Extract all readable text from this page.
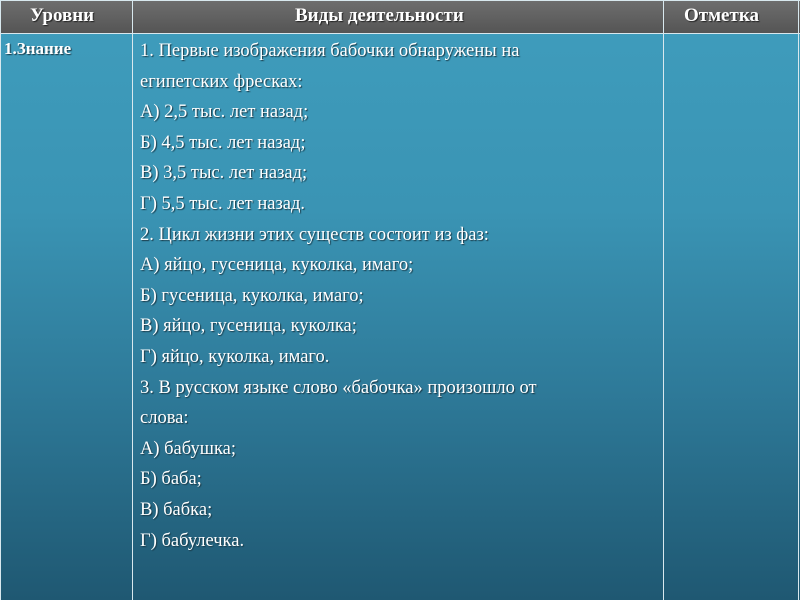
Уровни	Виды деятельности	Отметка
1.Знание	1. Первые изображения бабочки обнаружены на
египетских фресках:
А) 2,5 тыс. лет назад;
Б) 4,5 тыс. лет назад;
В) 3,5 тыс. лет назад;
Г) 5,5 тыс. лет назад.
2. Цикл жизни этих существ состоит из фаз:
А) яйцо, гусеница, куколка, имаго;
Б) гусеница, куколка, имаго;
В) яйцо, гусеница, куколка;
Г) яйцо, куколка, имаго.
3. В русском языке слово «бабочка» произошло от
слова:
А) бабушка;
Б) баба;
В) бабка;
Г) бабулечка.
